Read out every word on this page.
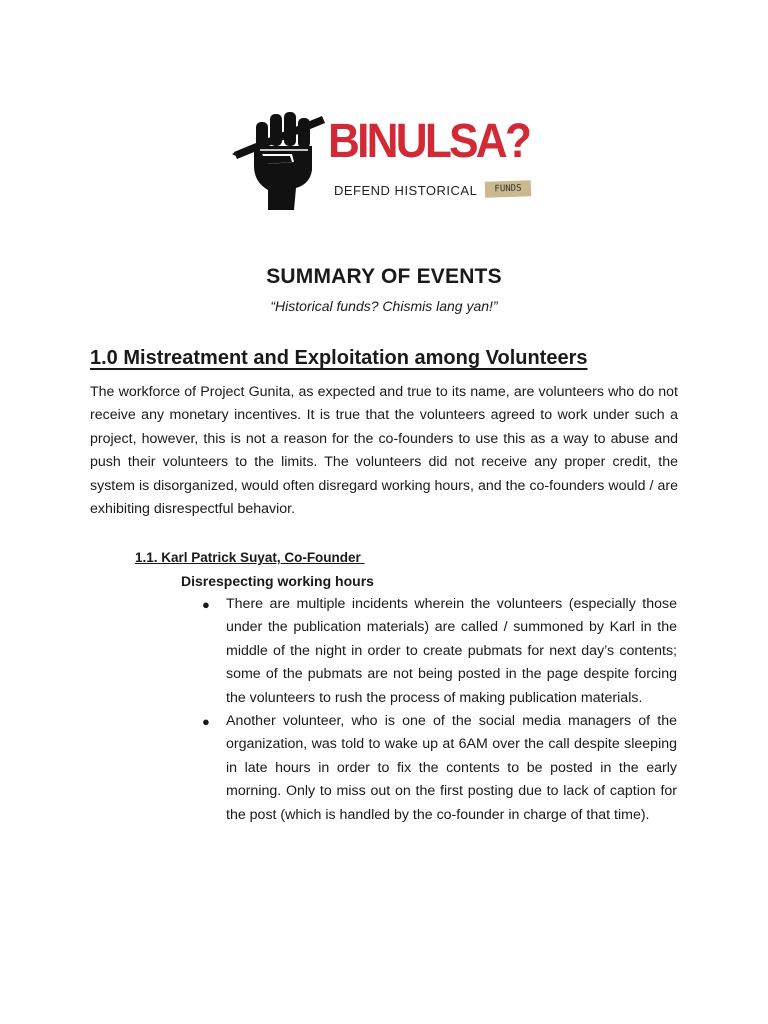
BINULSA?
DEFEND HISTORICAL	FUNDS
SUMMARY OF EVENTS

“Historical funds? Chismis lang yan!”

1.0 Mistreatment and Exploitation among Volunteers

The workforce of Project Gunita, as expected and true to its name, are volunteers who do not receive any monetary incentives. It is true that the volunteers agreed to work under such a project, however, this is not a reason for the co-founders to use this as a way to abuse and push their volunteers to the limits. The volunteers did not receive any proper credit, the system is disorganized, would often disregard working hours, and the co-founders would / are exhibiting disrespectful behavior.

1.1. Karl Patrick Suyat, Co-Founder
Disrespecting working hours
● There are multiple incidents wherein the volunteers (especially those under the publication materials) are called / summoned by Karl in the middle of the night in order to create pubmats for next day’s contents; some of the pubmats are not being posted in the page despite forcing the volunteers to rush the process of making publication materials.
● Another volunteer, who is one of the social media managers of the organization, was told to wake up at 6AM over the call despite sleeping in late hours in order to fix the contents to be posted in the early morning. Only to miss out on the first posting due to lack of caption for the post (which is handled by the co-founder in charge of that time).
